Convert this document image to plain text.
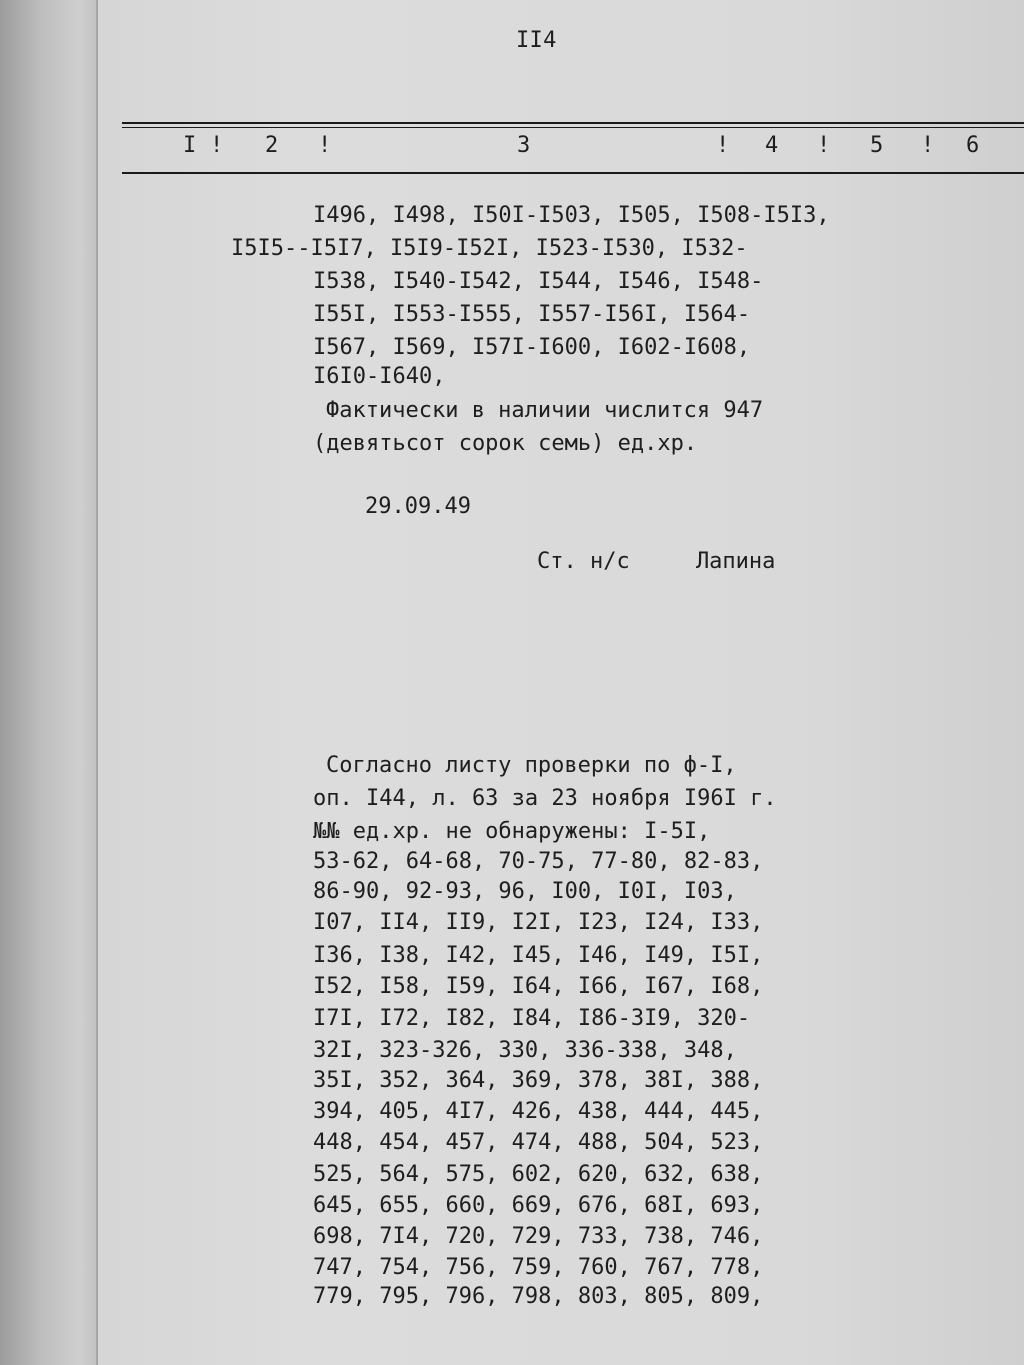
II4
I ! 2 !	3	! 4 ! 5 ! 6
I496, I498, I50I-I503, I505, I508-I5I3,
I5I5--I5I7, I5I9-I52I, I523-I530, I532-
I538, I540-I542, I544, I546, I548-
I55I, I553-I555, I557-I56I, I564-
I567, I569, I57I-I600, I602-I608,
I6I0-I640,
Фактически в наличии числится 947
(девятьсот сорок семь) ед.хр.
29.09.49
Ст. н/с     Лапина
Согласно листу проверки по ф-I,
оп. I44, л. 63 за 23 ноября I96I г.
№№ ед.хр. не обнаружены: I-5I,
53-62, 64-68, 70-75, 77-80, 82-83,
86-90, 92-93, 96, I00, I0I, I03,
I07, II4, II9, I2I, I23, I24, I33,
I36, I38, I42, I45, I46, I49, I5I,
I52, I58, I59, I64, I66, I67, I68,
I7I, I72, I82, I84, I86-3I9, 320-
32I, 323-326, 330, 336-338, 348,
35I, 352, 364, 369, 378, 38I, 388,
394, 405, 4I7, 426, 438, 444, 445,
448, 454, 457, 474, 488, 504, 523,
525, 564, 575, 602, 620, 632, 638,
645, 655, 660, 669, 676, 68I, 693,
698, 7I4, 720, 729, 733, 738, 746,
747, 754, 756, 759, 760, 767, 778,
779, 795, 796, 798, 803, 805, 809,
